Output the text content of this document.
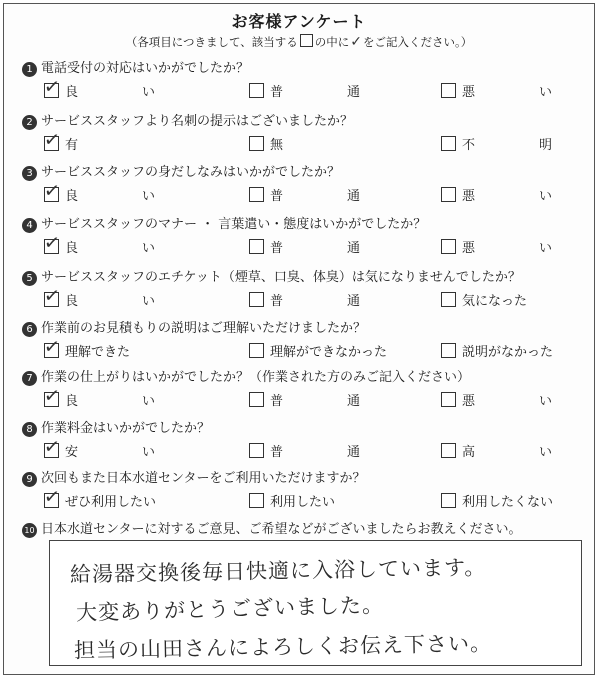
お客様アンケート
（各項目につきまして、該当する の中に✓をご記入ください。）
1 電話受付の対応はいかがでしたか？
✓ 良	い	普	通	悪	い
2 サービススタッフより名刺の提示はございましたか？
✓ 有	無	不	明
3 サービススタッフの身だしなみはいかがでしたか？
✓ 良	い	普	通	悪	い
4 サービススタッフのマナー ・ 言葉遣い・態度はいかがでしたか？
✓ 良	い	普	通	悪	い
5 サービススタッフのエチケット（煙草、口臭、体臭）は気になりませんでしたか？
✓ 良	い	普	通	気になった
6 作業前のお見積もりの説明はご理解いただけましたか？
✓ 理解できた	理解ができなかった	説明がなかった
7 作業の仕上がりはいかがでしたか？（作業された方のみご記入ください）
✓ 良	い	普	通	悪	い
8 作業料金はいかがでしたか？
✓ 安	い	普	通	高	い
9 次回もまた日本水道センターをご利用いただけますか？
✓ ぜひ利用したい	利用したい	利用したくない
10 日本水道センターに対するご意見、ご希望などがございましたらお教えください。
給湯器交換後毎日快適に入浴しています。
大変ありがとうございました。
担当の山田さんによろしくお伝え下さい。
